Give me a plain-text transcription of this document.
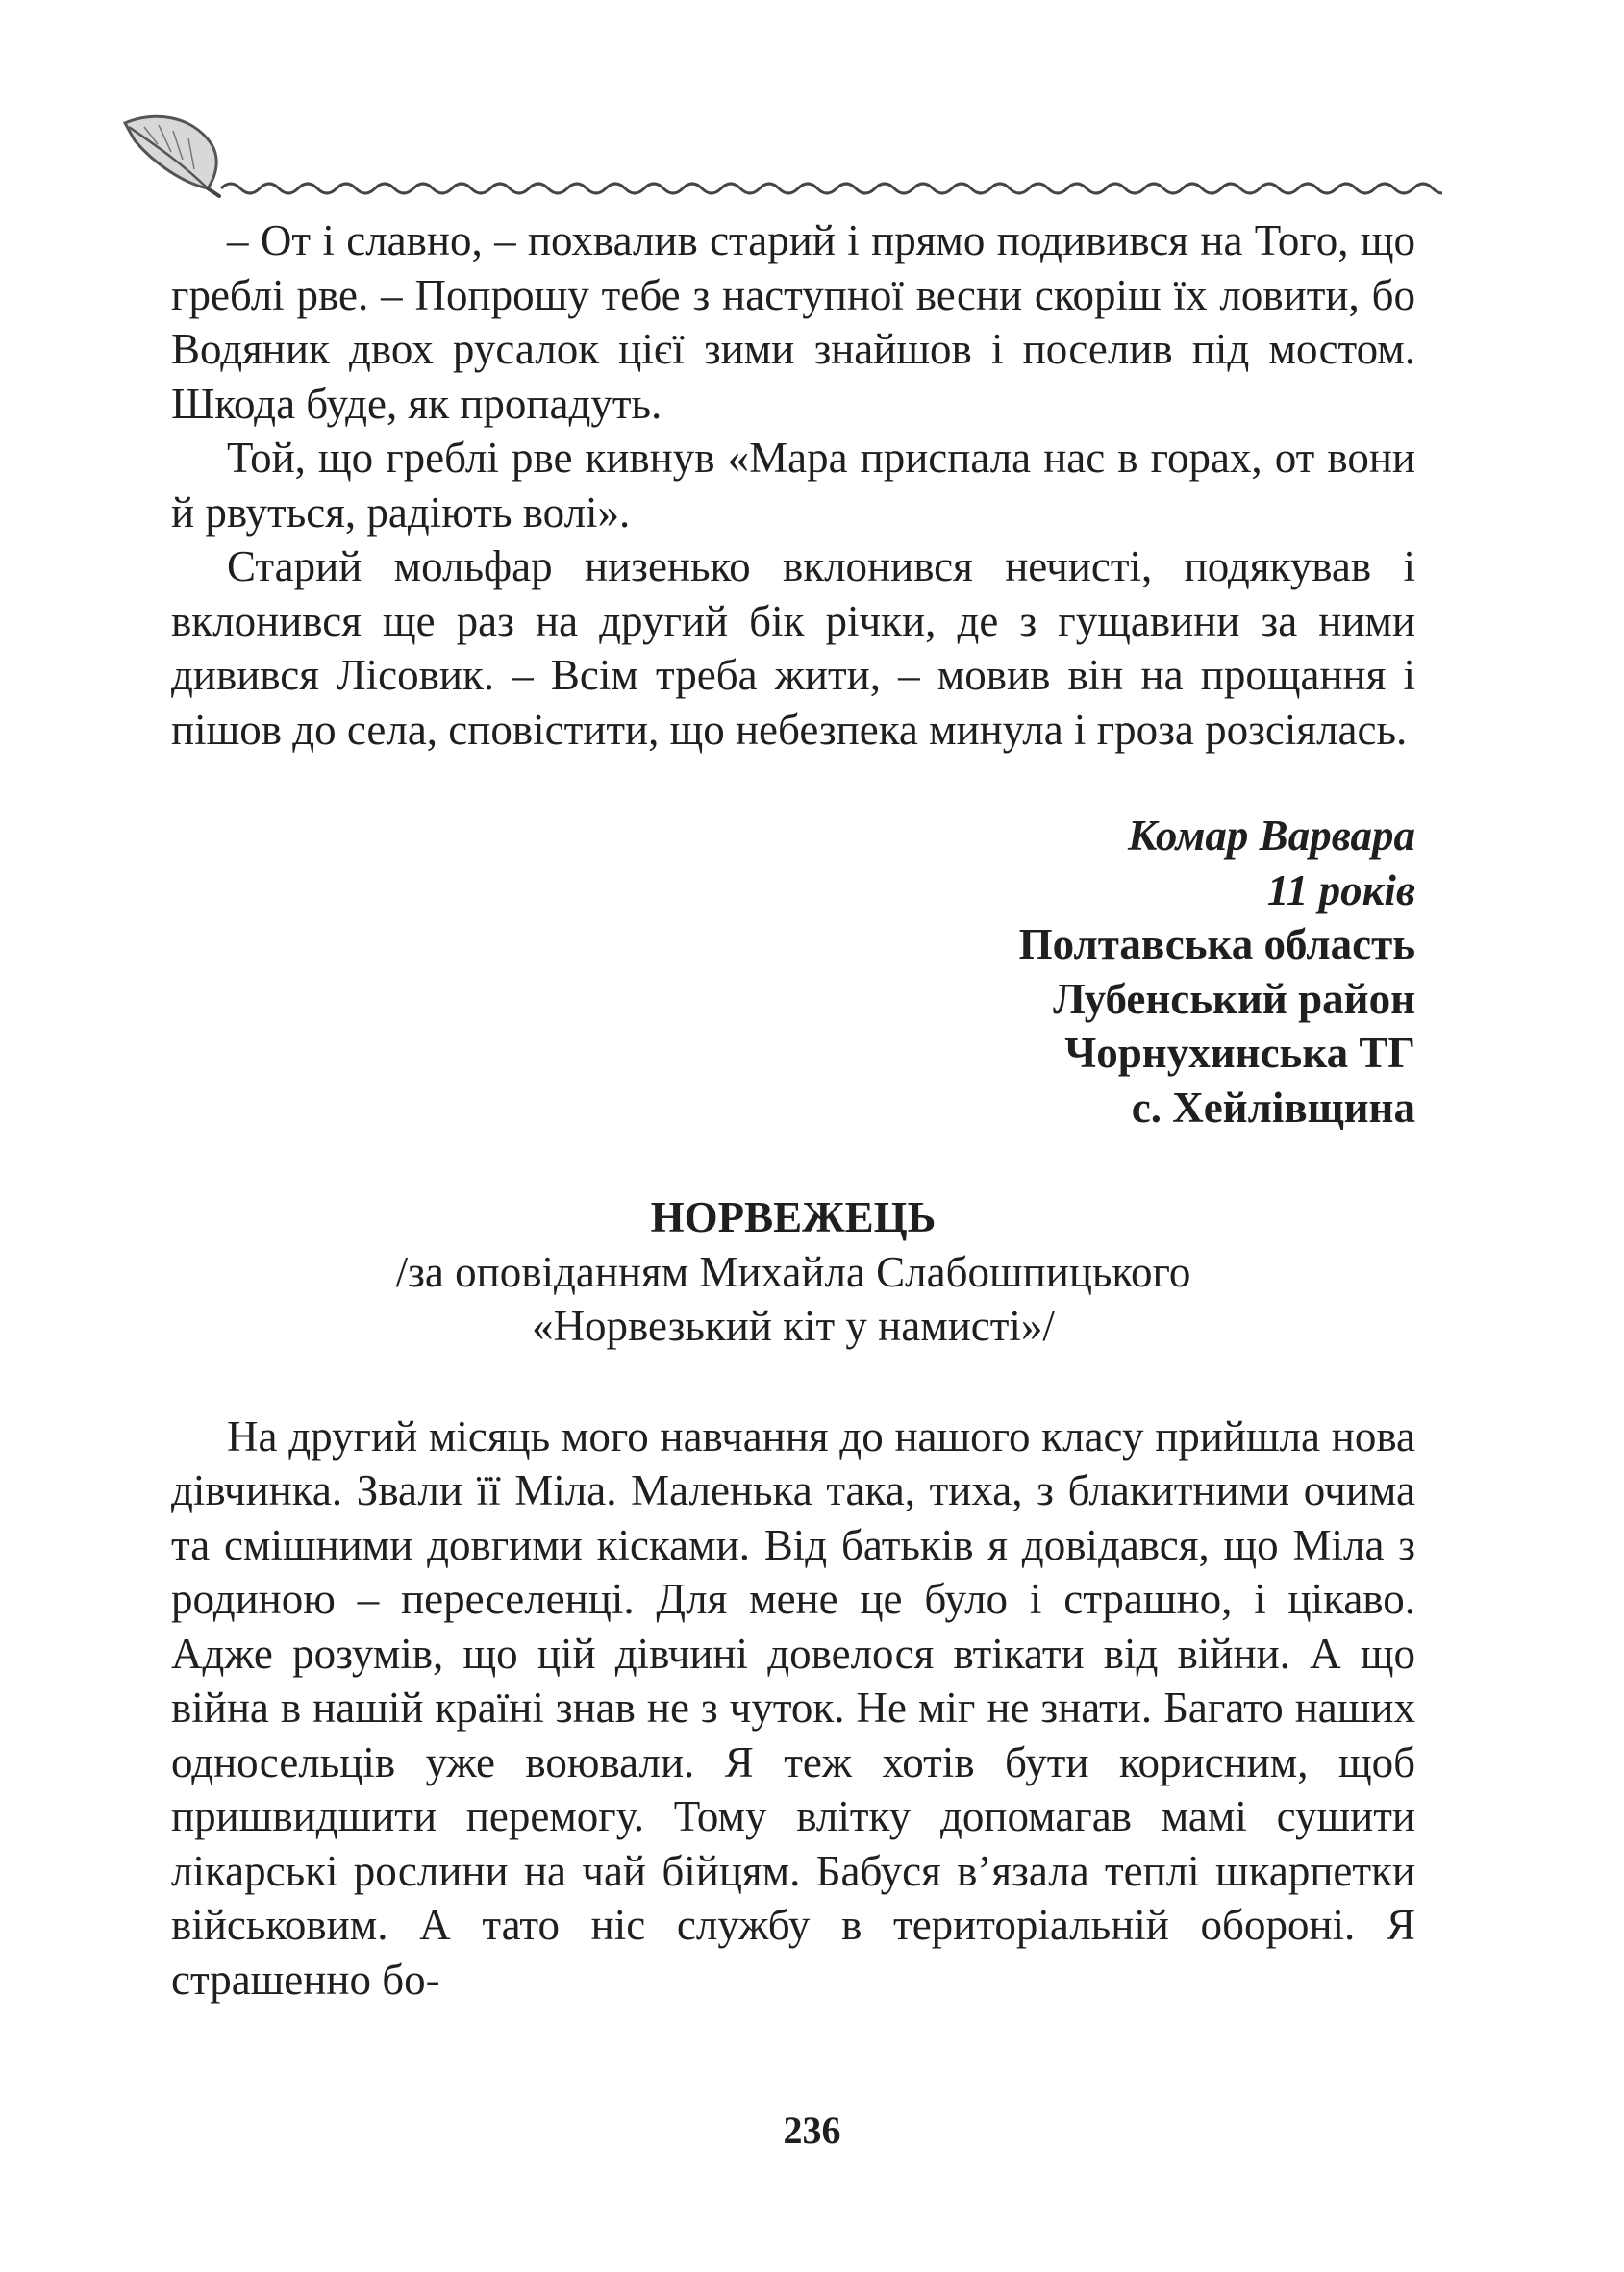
– От і славно, – похвалив старий і прямо подивився на Того, що греблі рве. – Попрошу тебе з наступної весни скоріш їх ловити, бо Водяник двох русалок цієї зими знайшов і поселив під мостом. Шкода буде, як пропадуть.

Той, що греблі рве кивнув «Мара приспала нас в горах, от вони й рвуться, радіють волі».

Старий мольфар низенько вклонився нечисті, подякував і вклонився ще раз на другий бік річки, де з гущавини за ними дивився Лісовик. – Всім треба жити, – мовив він на прощання і пішов до села, сповістити, що небезпека минула і гроза розсіялась.

Комар Варвара
11 років
Полтавська область
Лубенський район
Чорнухинська ТГ
с. Хейлівщина
НОРВЕЖЕЦЬ
/за оповіданням Михайла Слабошпицького
«Норвезький кіт у намисті»/

На другий місяць мого навчання до нашого класу прийшла нова дівчинка. Звали її Міла. Маленька така, тиха, з блакитними очима та смішними довгими кісками. Від батьків я довідався, що Міла з родиною – переселенці. Для мене це було і страшно, і цікаво. Адже розумів, що цій дівчині довелося втікати від війни. А що війна в нашій країні знав не з чуток. Не міг не знати. Багато наших односельців уже воювали. Я теж хотів бути корисним, щоб пришвидшити перемогу. Тому влітку допомагав мамі сушити лікарські рослини на чай бійцям. Бабуся в’язала теплі шкарпетки військовим. А тато ніс службу в територіальній обороні. Я страшенно бо-

236
